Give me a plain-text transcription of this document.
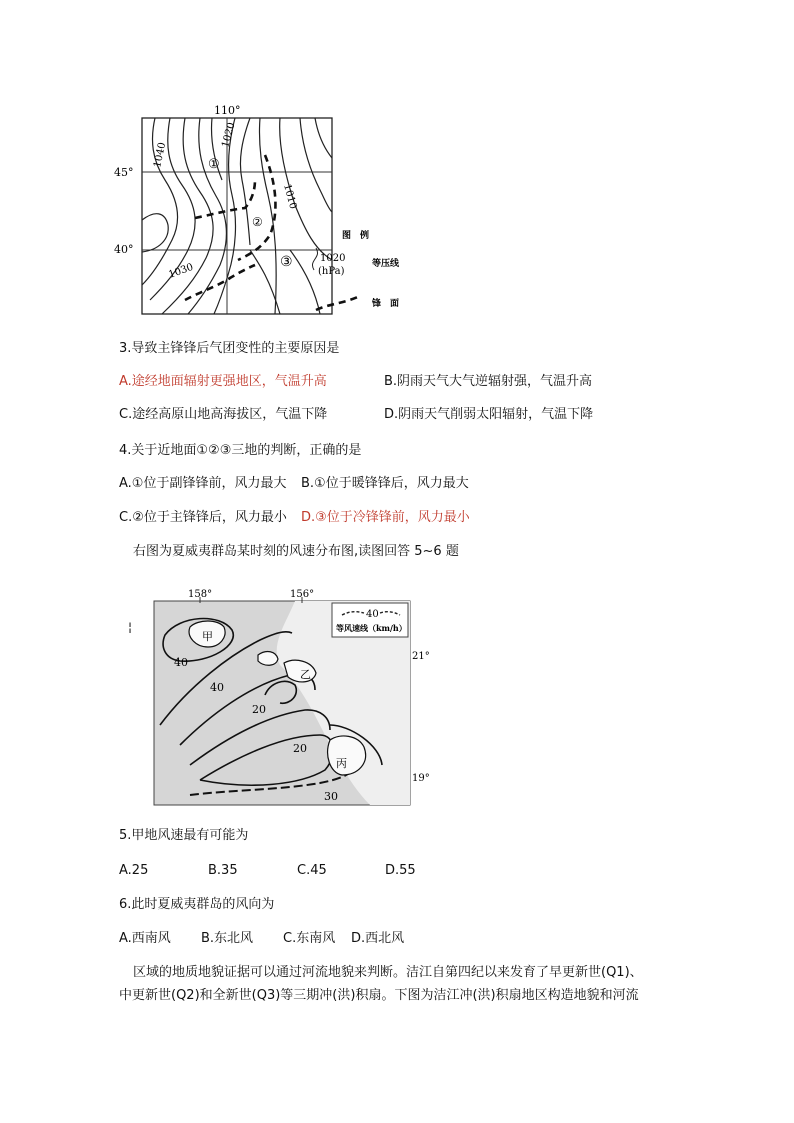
110°
45°
40°
1040
1030
1020
1010
①
②
③
图　例
1020
(hPa)
等压线
锋　面
3.导致主锋锋后气团变性的主要原因是
A.途经地面辐射更强地区，气温升高	B.阴雨天气大气逆辐射强，气温升高
C.途经高原山地高海拔区，气温下降	D.阴雨天气削弱太阳辐射，气温下降
4.关于近地面①②③三地的判断，正确的是
A.①位于副锋锋前，风力最大 B.①位于暖锋锋后，风力最大
C.②位于主锋锋后，风力最小 D.③位于冷锋锋前，风力最小
右图为夏威夷群岛某时刻的风速分布图,读图回答 5~6 题
¦
158°	156°
21°
19°
40
等风速线（km/h）
甲
乙
丙
40
40
20
20
30
5.甲地风速最有可能为
A.25	B.35	C.45	D.55
6.此时夏威夷群岛的风向为
A.西南风 B.东北风 C.东南风 D.西北风
区域的地质地貌证据可以通过河流地貌来判断。洁江自第四纪以来发育了早更新世(Q1)、
中更新世(Q2)和全新世(Q3)等三期冲(洪)积扇。下图为洁江冲(洪)积扇地区构造地貌和河流
